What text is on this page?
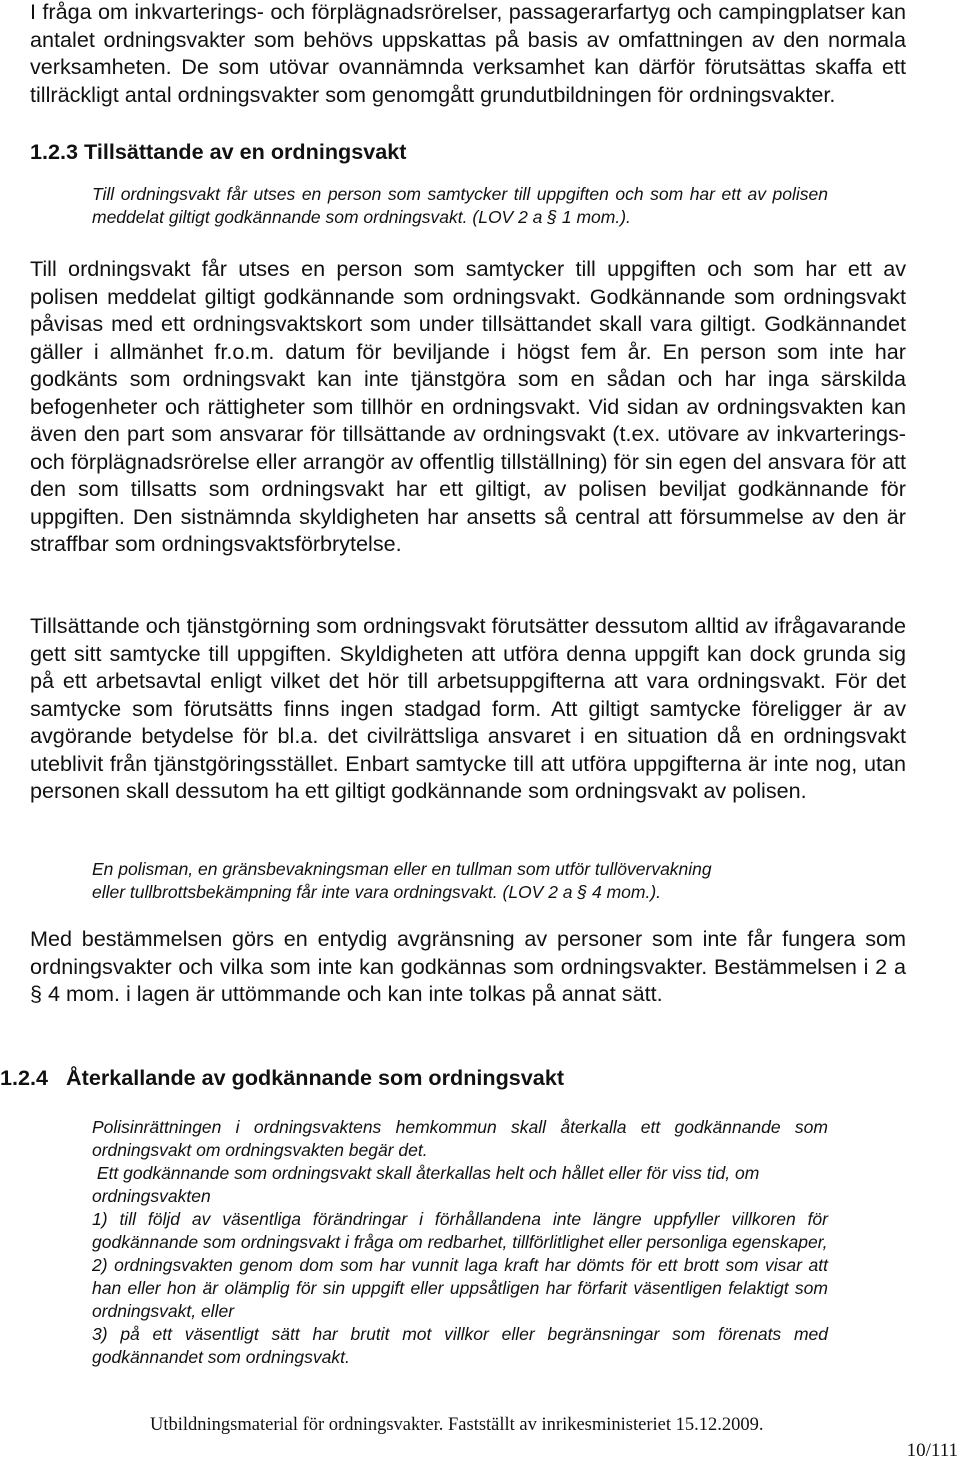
I fråga om inkvarterings- och förplägnadsrörelser, passagerarfartyg och campingplatser kan antalet ordningsvakter som behövs uppskattas på basis av omfattningen av den normala verksamheten. De som utövar ovannämnda verksamhet kan därför förutsättas skaffa ett tillräckligt antal ordningsvakter som genomgått grundutbildningen för ordningsvakter.

1.2.3 Tillsättande av en ordningsvakt

Till ordningsvakt får utses en person som samtycker till uppgiften och som har ett av polisen meddelat giltigt godkännande som ordningsvakt. (LOV 2 a § 1 mom.).

Till ordningsvakt får utses en person som samtycker till uppgiften och som har ett av polisen meddelat giltigt godkännande som ordningsvakt. Godkännande som ordningsvakt påvisas med ett ordningsvaktskort som under tillsättandet skall vara giltigt. Godkännandet gäller i allmänhet fr.o.m. datum för beviljande i högst fem år. En person som inte har godkänts som ordningsvakt kan inte tjänstgöra som en sådan och har inga särskilda befogenheter och rättigheter som tillhör en ordningsvakt. Vid sidan av ordningsvakten kan även den part som ansvarar för tillsättande av ordningsvakt (t.ex. utövare av inkvarterings- och förplägnadsrörelse eller arrangör av offentlig tillställning) för sin egen del ansvara för att den som tillsatts som ordningsvakt har ett giltigt, av polisen beviljat godkännande för uppgiften. Den sistnämnda skyldigheten har ansetts så central att försummelse av den är straffbar som ordningsvaktsförbrytelse.

Tillsättande och tjänstgörning som ordningsvakt förutsätter dessutom alltid av ifrågavarande gett sitt samtycke till uppgiften. Skyldigheten att utföra denna uppgift kan dock grunda sig på ett arbetsavtal enligt vilket det hör till arbetsuppgifterna att vara ordningsvakt. För det samtycke som förutsätts finns ingen stadgad form. Att giltigt samtycke föreligger är av avgörande betydelse för bl.a. det civilrättsliga ansvaret i en situation då en ordningsvakt uteblivit från tjänstgöringsstället. Enbart samtycke till att utföra uppgifterna är inte nog, utan personen skall dessutom ha ett giltigt godkännande som ordningsvakt av polisen.

En polisman, en gränsbevakningsman eller en tullman som utför tullövervakning

eller tullbrottsbekämpning får inte vara ordningsvakt. (LOV 2 a § 4 mom.).

Med bestämmelsen görs en entydig avgränsning av personer som inte får fungera som ordningsvakter och vilka som inte kan godkännas som ordningsvakter. Bestämmelsen i 2 a § 4 mom. i lagen är uttömmande och kan inte tolkas på annat sätt.

1.2.4 Återkallande av godkännande som ordningsvakt

Polisinrättningen i ordningsvaktens hemkommun skall återkalla ett godkännande som ordningsvakt om ordningsvakten begär det.

Ett godkännande som ordningsvakt skall återkallas helt och hållet eller för viss tid, om ordningsvakten

1) till följd av väsentliga förändringar i förhållandena inte längre uppfyller villkoren för godkännande som ordningsvakt i fråga om redbarhet, tillförlitlighet eller personliga egenskaper,

2) ordningsvakten genom dom som har vunnit laga kraft har dömts för ett brott som visar att han eller hon är olämplig för sin uppgift eller uppsåtligen har förfarit väsentligen felaktigt som ordningsvakt, eller

3) på ett väsentligt sätt har brutit mot villkor eller begränsningar som förenats med godkännandet som ordningsvakt.

Utbildningsmaterial för ordningsvakter. Fastställt av inrikesministeriet 15.12.2009.
10/111
